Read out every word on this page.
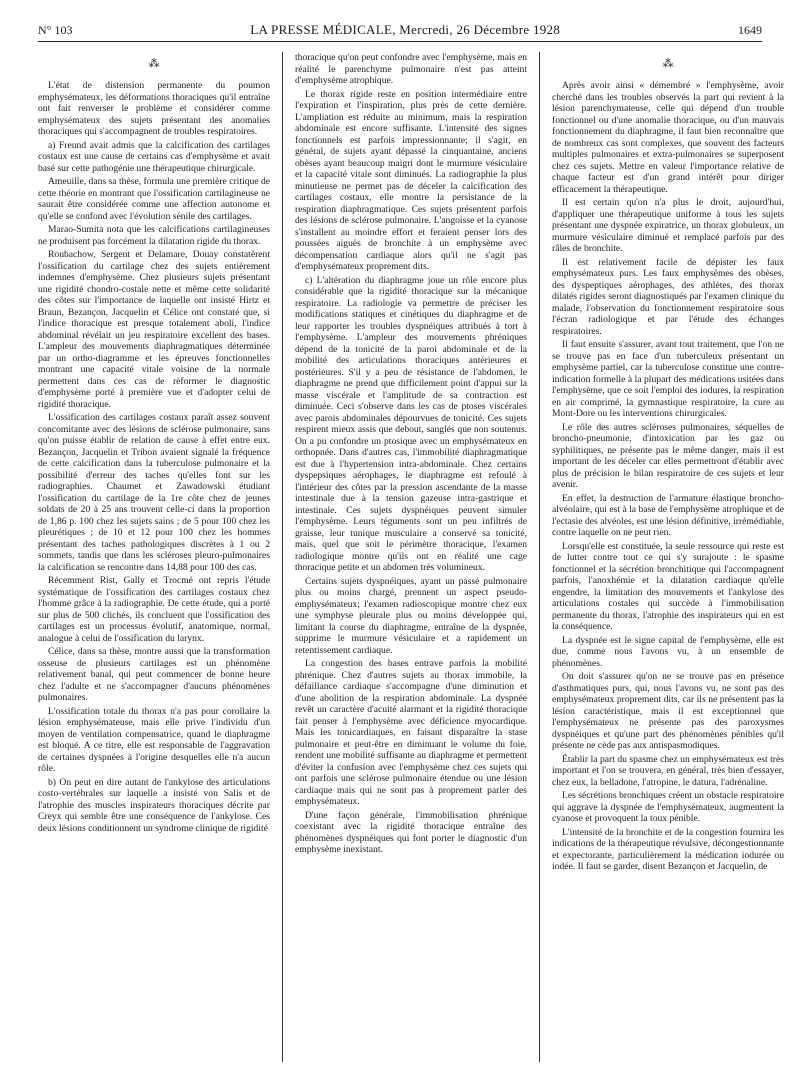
N° 103	LA PRESSE MÉDICALE, Mercredi, 26 Décembre 1928	1649
⁂

L'état de distension permanente du poumon emphysémateux, les déformations thoraciques qu'il entraîne ont fait renverser le problème et considérer comme emphysémateux des sujets présentant des anomalies thoraciques qui s'accompagnent de troubles respiratoires.

a) Freund avait admis que la calcification des cartilages costaux est une cause de certains cas d'emphysème et avait basé sur cette pathogénie une thérapeutique chirurgicale.

Ameuille, dans sa thèse, formula une première critique de cette théorie en montrant que l'ossification cartilagineuse ne saurait être considérée comme une affection autonome et qu'elle se confond avec l'évolution sénile des cartilages.

Marao-Sumita nota que les calcifications cartilagineuses ne produisent pas forcément la dilatation rigide du thorax.

Roubachow, Sergent et Delamare, Douay constatèrent l'ossification du cartilage chez des sujets entièrement indemnes d'emphysème. Chez plusieurs sujets présentant une rigidité chondro-costale nette et même cette solidarité des côtes sur l'importance de laquelle ont insisté Hirtz et Braun, Bezançon, Jacquelin et Célice ont constaté que, si l'indice thoracique est presque totalement aboli, l'indice abdominal révélait un jeu respiratoire excellent des bases. L'ampleur des mouvements diaphragmatiques déterminée par un ortho-diagramme et les épreuves fonctionnelles montrant une capacité vitale voisine de la normale permettent dans ces cas de réformer le diagnostic d'emphysème porté à première vue et d'adopter celui de rigidité thoracique.

L'ossification des cartilages costaux paraît assez souvent concomitante avec des lésions de sclérose pulmonaire, sans qu'on puisse établir de relation de cause à effet entre eux. Bezançon, Jacquelin et Tribon avaient signalé la fréquence de cette calcification dans la tuberculose pulmonaire et la possibilité d'erreur des taches qu'elles font sur les radiographies. Chaumet et Zawadowski étudiant l'ossification du cartilage de la 1re côte chez de jeunes soldats de 20 à 25 ans trouvent celle-ci dans la proportion de 1,86 p. 100 chez les sujets sains ; de 5 pour 100 chez les pleurétiques ; de 10 et 12 pour 100 chez les hommes présentant des taches pathologiques discrètes à 1 ou 2 sommets, tandis que dans les scléroses pleuro-pulmonaires la calcification se rencontre dans 14,88 pour 100 des cas.

Récemment Rist, Gally et Trocmé ont repris l'étude systématique de l'ossification des cartilages costaux chez l'homme grâce à la radiographie. De cette étude, qui a porté sur plus de 500 clichés, ils concluent que l'ossification des cartilages est un processus évolutif, anatomique, normal, analogue à celui de l'ossification du larynx.

Célice, dans sa thèse, montre aussi que la transformation osseuse de plusieurs cartilages est un phénomène relativement banal, qui peut commencer de bonne heure chez l'adulte et ne s'accompagner d'aucuns phénomènes pulmonaires.

L'ossification totale du thorax n'a pas pour corollaire la lésion emphysémateuse, mais elle prive l'individu d'un moyen de ventilation compensatrice, quand le diaphragme est bloqué. A ce titre, elle est responsable de l'aggravation de certaines dyspnées à l'origine desquelles elle n'a aucun rôle.

b) On peut en dire autant de l'ankylose des articulations costo-vertébrales sur laquelle a insisté von Salis et de l'atrophie des muscles inspirateurs thoraciques décrite par Creyx qui semble être une conséquence de l'ankylose. Ces deux lésions conditionnent un syndrome clinique de rigidité

thoracique qu'on peut confondre avec l'emphysème, mais en réalité le parenchyme pulmonaire n'est pas atteint d'emphysème atrophique.

Le thorax rigide reste en position intermédiaire entre l'expiration et l'inspiration, plus près de cette dernière. L'ampliation est réduite au minimum, mais la respiration abdominale est encore suffisante. L'intensité des signes fonctionnels est parfois impressionnante; il s'agit, en général, de sujets ayant dépassé la cinquantaine, anciens obèses ayant beaucoup maigri dont le murmure vésiculaire et la capacité vitale sont diminués. La radiographie la plus minutieuse ne permet pas de déceler la calcification des cartilages costaux, elle montre la persistance de la respiration diaphragmatique. Ces sujets présentent parfois des lésions de sclérose pulmonaire. L'angoisse et la cyanose s'installent au moindre effort et feraient penser lors des poussées aiguës de bronchite à un emphysème avec décompensation cardiaque alors qu'il ne s'agit pas d'emphysémateux proprement dits.

c) L'altération du diaphragme joue un rôle encore plus considérable que la rigidité thoracique sur la mécanique respiratoire. La radiologie va permettre de préciser les modifications statiques et cinétiques du diaphragme et de leur rapporter les troubles dyspnéiques attribués à tort à l'emphysème. L'ampleur des mouvements phréniques dépend de la tonicité de la paroi abdominale et de la mobilité des articulations thoraciques antérieures et postérieures. S'il y a peu de résistance de l'abdomen, le diaphragme ne prend que difficilement point d'appui sur la masse viscérale et l'amplitude de sa contraction est diminuée. Ceci s'observe dans les cas de ptoses viscérales avec parois abdominales dépourvues de tonicité. Ces sujets respirent mieux assis que debout, sanglés que non soutenus. On a pu confondre un ptosique avec un emphysémateux en orthopnée. Dans d'autres cas, l'immobilité diaphragmatique est due à l'hypertension intra-abdominale. Chez certains dyspepsiques aérophages, le diaphragme est refoulé à l'intérieur des côtes par la pression ascendante de la masse intestinale due à la tension gazeuse intra-gastrique et intestinale. Ces sujets dyspnéiques peuvent simuler l'emphysème. Leurs téguments sont un peu infiltrés de graisse, leur tunique musculaire a conservé sa tonicité, mais, quel que soit le périmètre thoracique, l'examen radiologique montre qu'ils ont en réalité une cage thoracique petite et un abdomen très volumineux.

Certains sujets dyspnéiques, ayant un passé pulmonaire plus ou moins chargé, prennent un aspect pseudo-emphysémateux; l'examen radioscopique montre chez eux une symphyse pleurale plus ou moins développée qui, limitant la course du diaphragme, entraîne de la dyspnée, supprime le murmure vésiculaire et a rapidement un retentissement cardiaque.

La congestion des bases entrave parfois la mobilité phrénique. Chez d'autres sujets au thorax immobile, la défaillance cardiaque s'accompagne d'une diminution et d'une abolition de la respiration abdominale. La dyspnée revêt un caractère d'acuité alarmant et la rigidité thoracique fait penser à l'emphysème avec déficience myocardique. Mais les tonicardiaques, en faisant disparaître la stase pulmonaire et peut-être en diminuant le volume du foie, rendent une mobilité suffisante au diaphragme et permettent d'éviter la confusion avec l'emphysème chez ces sujets qui ont parfois une sclérose pulmonaire étendue ou une lésion cardiaque mais qui ne sont pas à proprement parler des emphysémateux.

D'une façon générale, l'immobilisation phrénique coexistant avec la rigidité thoracique entraîne des phénomènes dyspnéiques qui font porter le diagnostic d'un emphysème inexistant.

⁂

Après avoir ainsi « démembré » l'emphysème, avoir cherché dans les troubles observés la part qui revient à la lésion parenchymateuse, celle qui dépend d'un trouble fonctionnel ou d'une anomalie thoracique, ou d'un mauvais fonctionnement du diaphragme, il faut bien reconnaître que de nombreux cas sont complexes, que souvent des facteurs multiples pulmonaires et extra-pulmonaires se superposent chez ces sujets. Mettre en valeur l'importance relative de chaque facteur est d'un grand intérêt pour diriger efficacement la thérapeutique.

Il est certain qu'on n'a plus le droit, aujourd'hui, d'appliquer une thérapeutique uniforme à tous les sujets présentant une dyspnée expiratrice, un thorax globuleux, un murmure vésiculaire diminué et remplacé parfois par des râles de bronchite.

Il est relativement facile de dépister les faux emphysémateux purs. Les faux emphysèmes des obèses, des dyspeptiques aérophages, des athlètes, des thorax dilatés rigides seront diagnostiqués par l'examen clinique du malade, l'observation du fonctionnement respiratoire sous l'écran radiologique et par l'étude des échanges respiratoires.

Il faut ensuite s'assurer, avant tout traitement, que l'on ne se trouve pas en face d'un tuberculeux présentant un emphysème partiel, car la tuberculose constitue une contre-indication formelle à la plupart des médications usitées dans l'emphysème, que ce soit l'emploi des iodures, la respiration en air comprimé, la gymnastique respiratoire, la cure au Mont-Dore ou les interventions chirurgicales.

Le rôle des autres scléroses pulmonaires, séquelles de broncho-pneumonie, d'intoxication par les gaz ou syphilitiques, ne présente pas le même danger, mais il est important de les déceler car elles permettront d'établir avec plus de précision le bilan respiratoire de ces sujets et leur avenir.

En effet, la destruction de l'armature élastique broncho-alvéolaire, qui est à la base de l'emphysème atrophique et de l'ectasie des alvéoles, est une lésion définitive, irrémédiable, contre laquelle on ne peut rien.

Lorsqu'elle est constituée, la seule ressource qui reste est de lutter contre tout ce qui s'y surajoute : le spasme fonctionnel et la sécrétion bronchitique qui l'accompagnent parfois, l'anoxhémie et la dilatation cardiaque qu'elle engendre, la limitation des mouvements et l'ankylose des articulations costales qui succède à l'immobilisation permanente du thorax, l'atrophie des inspirateurs qui en est la conséquence.

La dyspnée est le signe capital de l'emphysème, elle est due, comme nous l'avons vu, à un ensemble de phénomènes.

On doit s'assurer qu'on ne se trouve pas en présence d'asthmatiques purs, qui, nous l'avons vu, ne sont pas des emphysémateux proprement dits, car ils ne présentent pas la lésion caractéristique, mais il est exceptionnel que l'emphysémateux ne présente pas des paroxysmes dyspnéiques et qu'une part des phénomènes pénibles qu'il présente ne cède pas aux antispasmodiques.

Établir la part du spasme chez un emphysémateux est très important et l'on se trouvera, en général, très bien d'essayer, chez eux, la belladone, l'atropine, le datura, l'adrénaline.

Les sécrétions bronchiques créent un obstacle respiratoire qui aggrave la dyspnée de l'emphysémateux, augmentent la cyanose et provoquent la toux pénible.

L'intensité de la bronchite et de la congestion fournira les indications de la thérapeutique révulsive, décongestionnante et expectorante, particulièrement la médication iodurée ou iodée. Il faut se garder, disent Bezançon et Jacquelin, de
